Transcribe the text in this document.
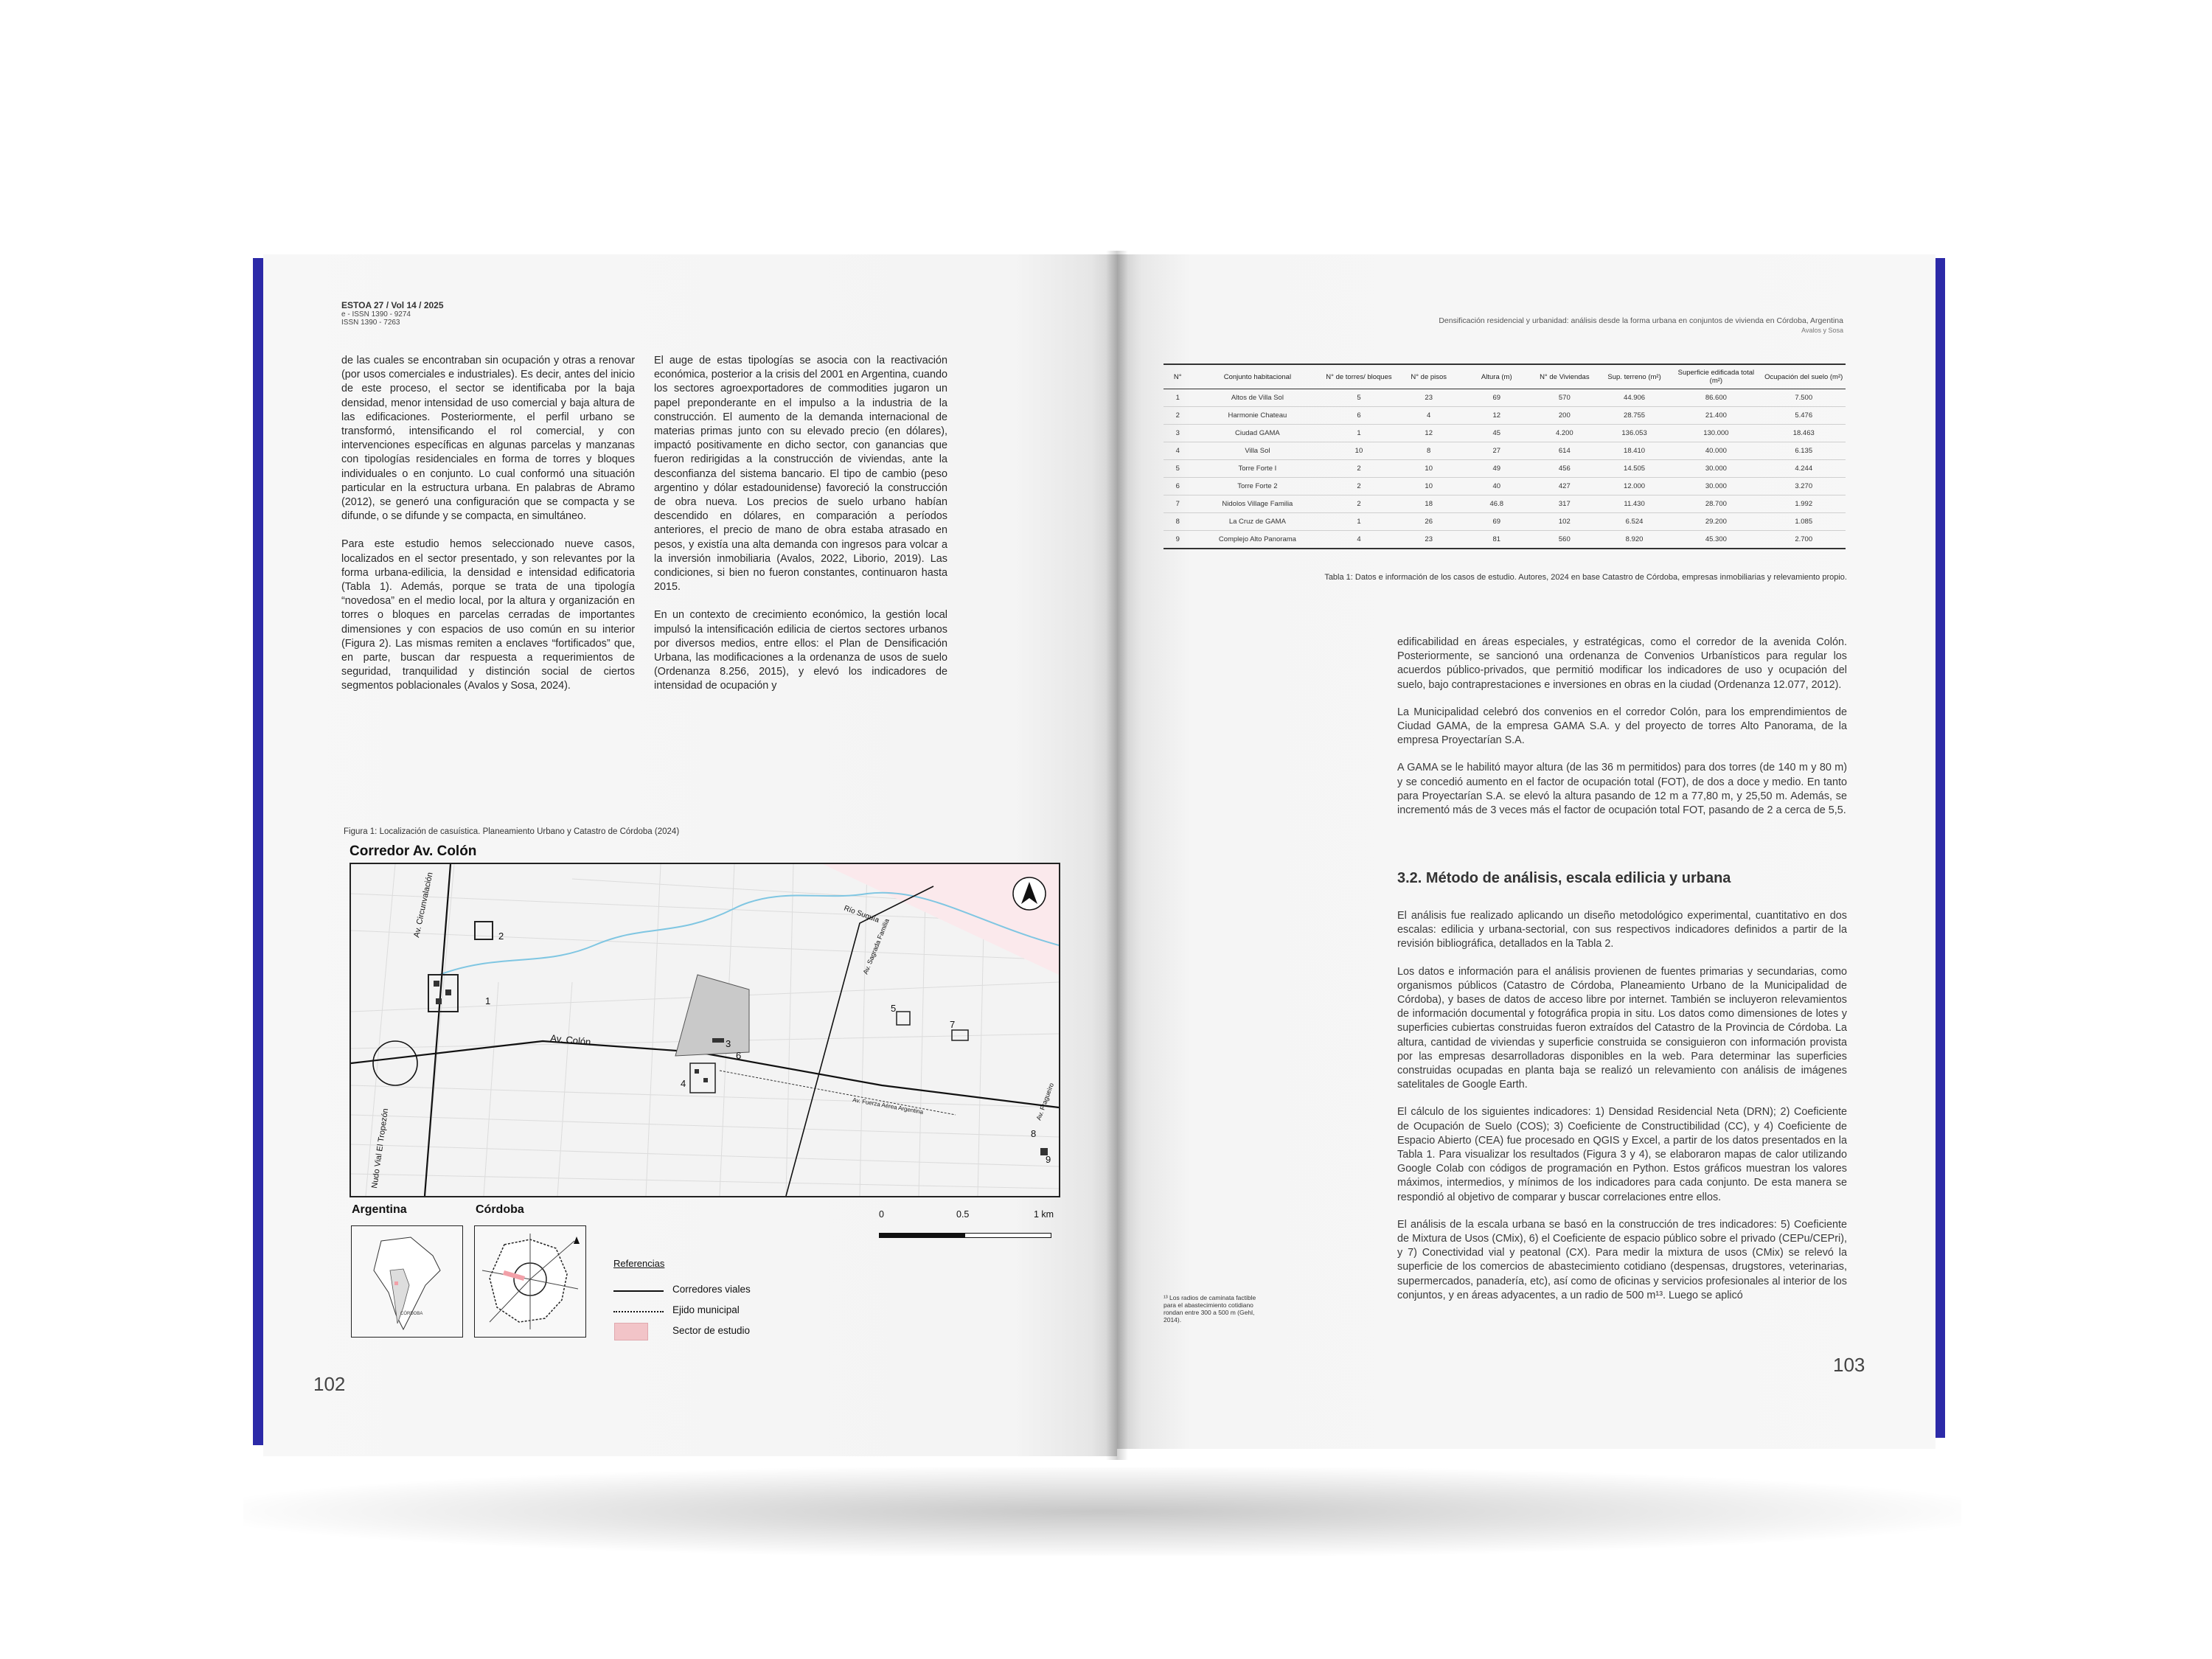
ESTOA 27 / Vol 14 / 2025
e - ISSN 1390 - 9274
ISSN 1390 - 7263

de las cuales se encontraban sin ocupación y otras a renovar (por usos comerciales e industriales). Es decir, antes del inicio de este proceso, el sector se identificaba por la baja densidad, menor intensidad de uso comercial y baja altura de las edificaciones. Posteriormente, el perfil urbano se transformó, intensificando el rol comercial, y con intervenciones específicas en algunas parcelas y manzanas con tipologías residenciales en forma de torres y bloques individuales o en conjunto. Lo cual conformó una situación particular en la estructura urbana. En palabras de Abramo (2012), se generó una configuración que se compacta y se difunde, o se difunde y se compacta, en simultáneo.

Para este estudio hemos seleccionado nueve casos, localizados en el sector presentado, y son relevantes por la forma urbana-edilicia, la densidad e intensidad edificatoria (Tabla 1). Además, porque se trata de una tipología “novedosa” en el medio local, por la altura y organización en torres o bloques en parcelas cerradas de importantes dimensiones y con espacios de uso común en su interior (Figura 2). Las mismas remiten a enclaves “fortificados” que, en parte, buscan dar respuesta a requerimientos de seguridad, tranquilidad y distinción social de ciertos segmentos poblacionales (Avalos y Sosa, 2024).

El auge de estas tipologías se asocia con la reactivación económica, posterior a la crisis del 2001 en Argentina, cuando los sectores agroexportadores de commodities jugaron un papel preponderante en el impulso a la industria de la construcción. El aumento de la demanda internacional de materias primas junto con su elevado precio (en dólares), impactó positivamente en dicho sector, con ganancias que fueron redirigidas a la construcción de viviendas, ante la desconfianza del sistema bancario. El tipo de cambio (peso argentino y dólar estadounidense) favoreció la construcción de obra nueva. Los precios de suelo urbano habían descendido en dólares, en comparación a períodos anteriores, el precio de mano de obra estaba atrasado en pesos, y existía una alta demanda con ingresos para volcar a la inversión inmobiliaria (Avalos, 2022, Liborio, 2019). Las condiciones, si bien no fueron constantes, continuaron hasta 2015.

En un contexto de crecimiento económico, la gestión local impulsó la intensificación edilicia de ciertos sectores urbanos por diversos medios, entre ellos: el Plan de Densificación Urbana, las modificaciones a la ordenanza de usos de suelo (Ordenanza 8.256, 2015), y elevó los indicadores de intensidad de ocupación y

Figura 1: Localización de casuística. Planeamiento Urbano y Catastro de Córdoba (2024)
Corredor Av. Colón
1
2
3
4
5
6
7
8
9
Av. Colón
Av. Circunvalación	Río Suquía
Nudo Vial El Tropezón
Av. Sagrada Familia
Av. Fuerza Aérea Argentina	Av. Fragueiro
Argentina
CÓRDOBA
Córdoba
Referencias
Corredores viales
Ejido municipal
Sector de estudio
0	0.5	1 km
102
Densificación residencial y urbanidad: análisis desde la forma urbana en conjuntos de vivienda en Córdoba, Argentina
Avalos y Sosa
N°	Conjunto habitacional	N° de torres/ bloques	N° de pisos	Altura (m)	N° de Viviendas	Sup. terreno (m²)	Superficie edificada total (m²)	Ocupación del suelo (m²)
1	Altos de Villa Sol	5	23	69	570	44.906	86.600	7.500
2	Harmonie Chateau	6	4	12	200	28.755	21.400	5.476
3	Ciudad GAMA	1	12	45	4.200	136.053	130.000	18.463
4	Villa Sol	10	8	27	614	18.410	40.000	6.135
5	Torre Forte I	2	10	49	456	14.505	30.000	4.244
6	Torre Forte 2	2	10	40	427	12.000	30.000	3.270
7	Nidolos Village Familia	2	18	46.8	317	11.430	28.700	1.992
8	La Cruz de GAMA	1	26	69	102	6.524	29.200	1.085
9	Complejo Alto Panorama	4	23	81	560	8.920	45.300	2.700
Tabla 1: Datos e información de los casos de estudio. Autores, 2024 en base Catastro de Córdoba, empresas inmobiliarias y relevamiento propio.

edificabilidad en áreas especiales, y estratégicas, como el corredor de la avenida Colón. Posteriormente, se sancionó una ordenanza de Convenios Urbanísticos para regular los acuerdos público-privados, que permitió modificar los indicadores de uso y ocupación del suelo, bajo contraprestaciones e inversiones en obras en la ciudad (Ordenanza 12.077, 2012).

La Municipalidad celebró dos convenios en el corredor Colón, para los emprendimientos de Ciudad GAMA, de la empresa GAMA S.A. y del proyecto de torres Alto Panorama, de la empresa Proyectarían S.A.

A GAMA se le habilitó mayor altura (de las 36 m permitidos) para dos torres (de 140 m y 80 m) y se concedió aumento en el factor de ocupación total (FOT), de dos a doce y medio. En tanto para Proyectarían S.A. se elevó la altura pasando de 12 m a 77,80 m, y 25,50 m. Además, se incrementó más de 3 veces más el factor de ocupación total FOT, pasando de 2 a cerca de 5,5.

3.2. Método de análisis, escala edilicia y urbana

El análisis fue realizado aplicando un diseño metodológico experimental, cuantitativo en dos escalas: edilicia y urbana-sectorial, con sus respectivos indicadores definidos a partir de la revisión bibliográfica, detallados en la Tabla 2.

Los datos e información para el análisis provienen de fuentes primarias y secundarias, como organismos públicos (Catastro de Córdoba, Planeamiento Urbano de la Municipalidad de Córdoba), y bases de datos de acceso libre por internet. También se incluyeron relevamientos de información documental y fotográfica propia in situ. Los datos como dimensiones de lotes y superficies cubiertas construidas fueron extraídos del Catastro de la Provincia de Córdoba. La altura, cantidad de viviendas y superficie construida se consiguieron con información provista por las empresas desarrolladoras disponibles en la web. Para determinar las superficies construidas ocupadas en planta baja se realizó un relevamiento con análisis de imágenes satelitales de Google Earth.

El cálculo de los siguientes indicadores: 1) Densidad Residencial Neta (DRN); 2) Coeficiente de Ocupación de Suelo (COS); 3) Coeficiente de Constructibilidad (CC), y 4) Coeficiente de Espacio Abierto (CEA) fue procesado en QGIS y Excel, a partir de los datos presentados en la Tabla 1. Para visualizar los resultados (Figura 3 y 4), se elaboraron mapas de calor utilizando Google Colab con códigos de programación en Python. Estos gráficos muestran los valores máximos, intermedios, y mínimos de los indicadores para cada conjunto. De esta manera se respondió al objetivo de comparar y buscar correlaciones entre ellos.

El análisis de la escala urbana se basó en la construcción de tres indicadores: 5) Coeficiente de Mixtura de Usos (CMix), 6) el Coeficiente de espacio público sobre el privado (CEPu/CEPri), y 7) Conectividad vial y peatonal (CX). Para medir la mixtura de usos (CMix) se relevó la superficie de los comercios de abastecimiento cotidiano (despensas, drugstores, veterinarias, supermercados, panadería, etc), así como de oficinas y servicios profesionales al interior de los conjuntos, y en áreas adyacentes, a un radio de 500 m¹³. Luego se aplicó

¹³ Los radios de caminata factible para el abastecimiento cotidiano rondan entre 300 a 500 m (Gehl, 2014).
103
